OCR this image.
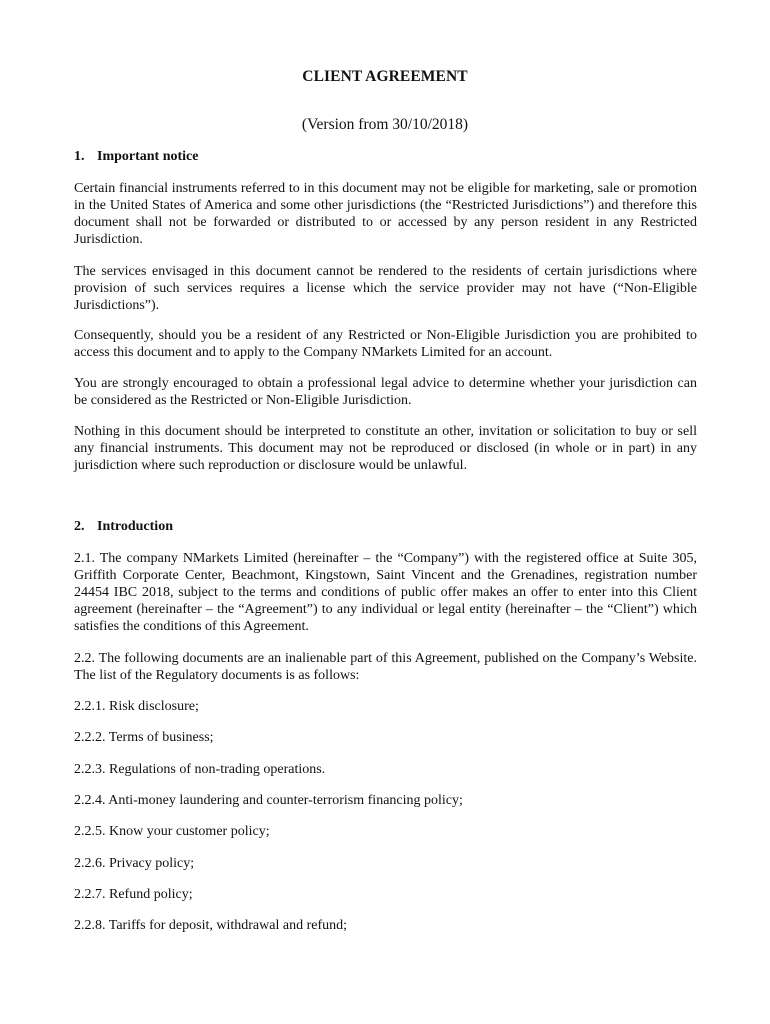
CLIENT AGREEMENT
(Version from 30/10/2018)
1. Important notice

Certain financial instruments referred to in this document may not be eligible for marketing, sale or promotion in the United States of America and some other jurisdictions (the “Restricted Jurisdictions”) and therefore this document shall not be forwarded or distributed to or accessed by any person resident in any Restricted Jurisdiction.

The services envisaged in this document cannot be rendered to the residents of certain jurisdictions where provision of such services requires a license which the service provider may not have (“Non-Eligible Jurisdictions”).

Consequently, should you be a resident of any Restricted or Non-Eligible Jurisdiction you are prohibited to access this document and to apply to the Company NMarkets Limited for an account.

You are strongly encouraged to obtain a professional legal advice to determine whether your jurisdiction can be considered as the Restricted or Non-Eligible Jurisdiction.

Nothing in this document should be interpreted to constitute an other, invitation or solicitation to buy or sell any financial instruments. This document may not be reproduced or disclosed (in whole or in part) in any jurisdiction where such reproduction or disclosure would be unlawful.

2. Introduction

2.1. The company NMarkets Limited (hereinafter – the “Company”) with the registered office at Suite 305, Griffith Corporate Center, Beachmont, Kingstown, Saint Vincent and the Grenadines, registration number 24454 IBC 2018, subject to the terms and conditions of public offer makes an offer to enter into this Client agreement (hereinafter – the “Agreement”) to any individual or legal entity (hereinafter – the “Client”) which satisfies the conditions of this Agreement.

2.2. The following documents are an inalienable part of this Agreement, published on the Company’s Website. The list of the Regulatory documents is as follows:

2.2.1. Risk disclosure;

2.2.2. Terms of business;

2.2.3. Regulations of non-trading operations.

2.2.4. Anti-money laundering and counter-terrorism financing policy;

2.2.5. Know your customer policy;

2.2.6. Privacy policy;

2.2.7. Refund policy;

2.2.8. Tariffs for deposit, withdrawal and refund;
